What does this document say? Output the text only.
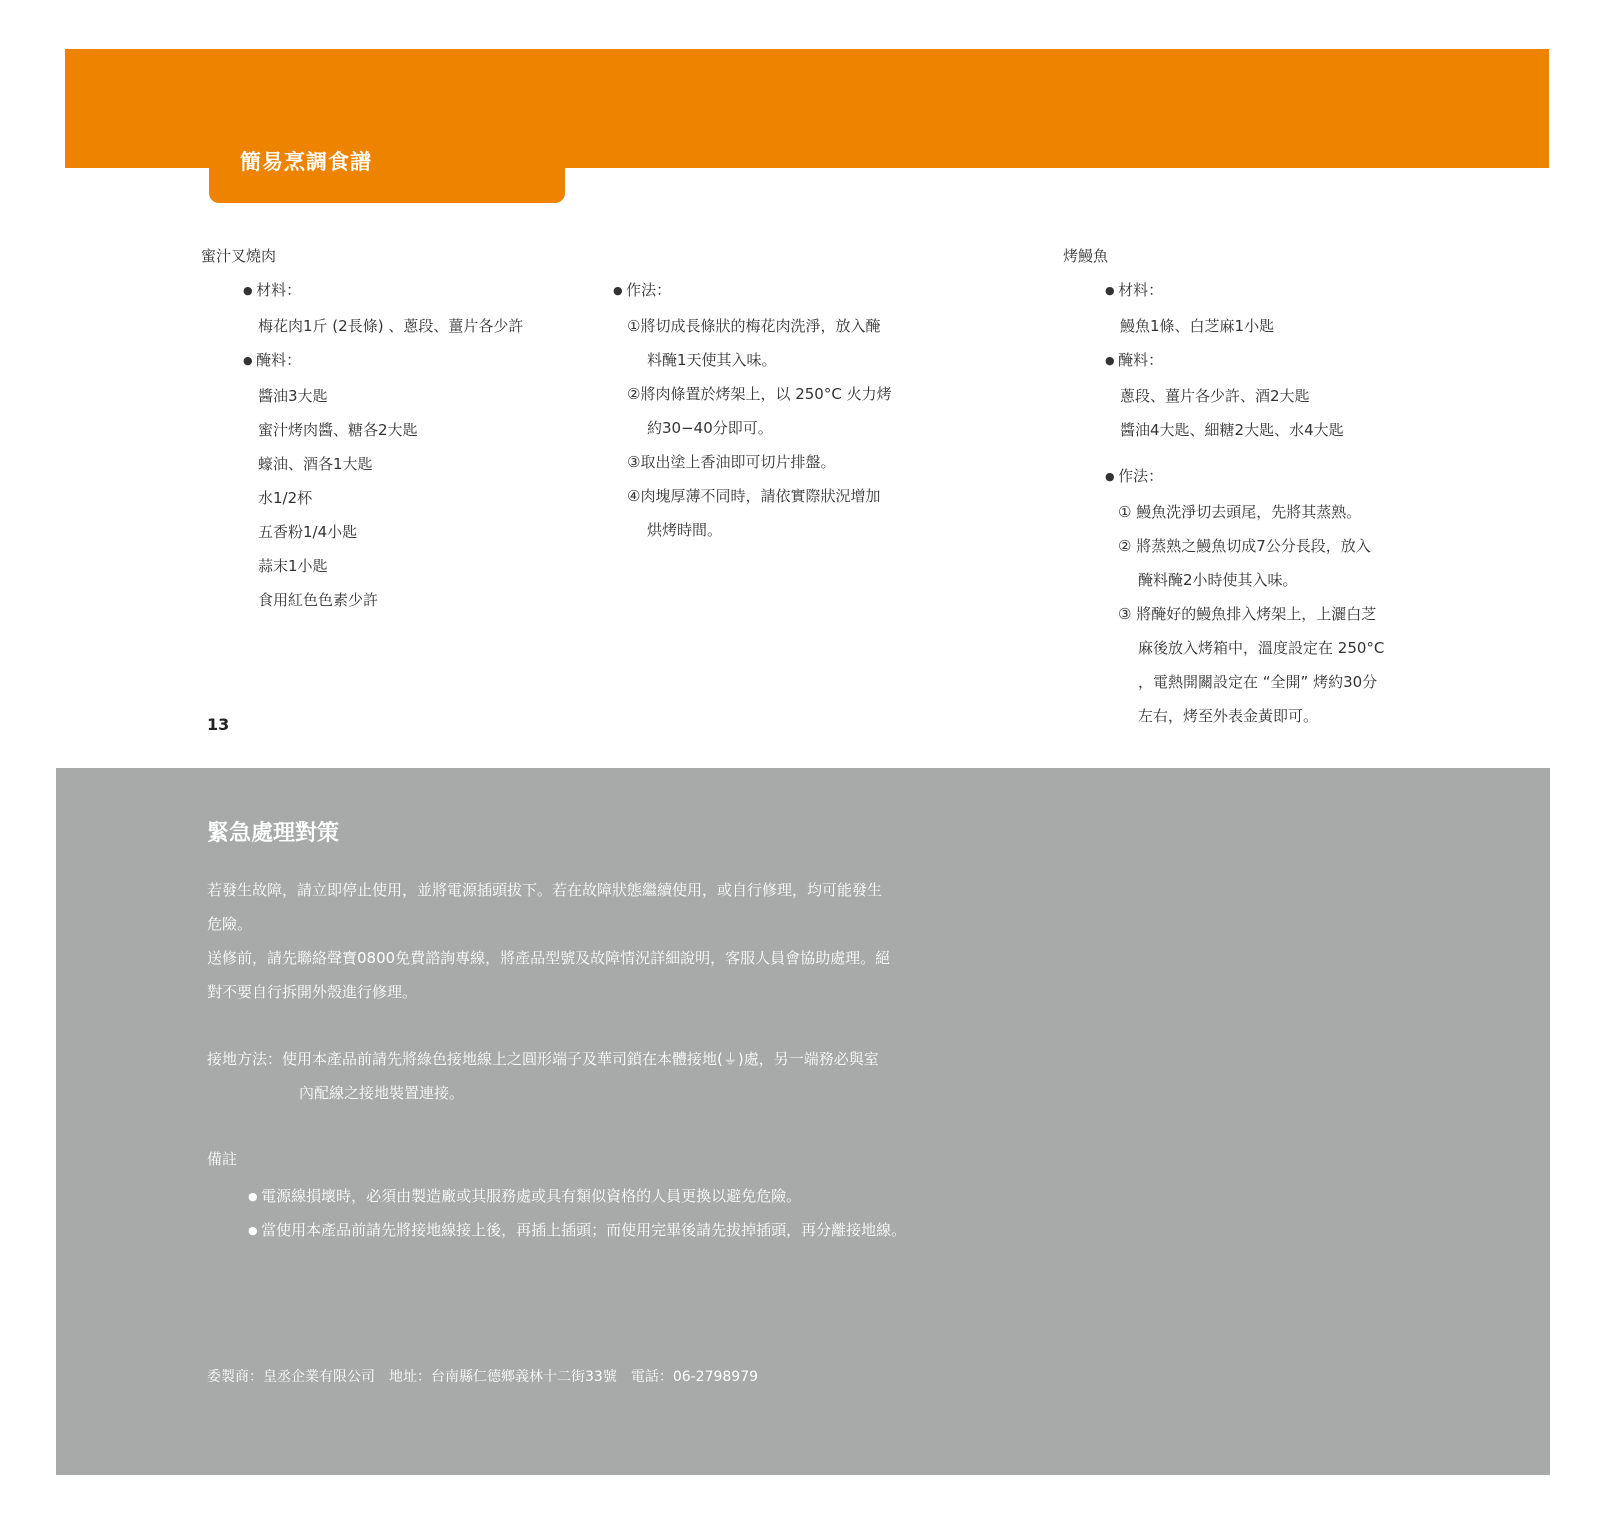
簡易烹調食譜
蜜汁叉燒肉
● 材料：
梅花肉1斤 (2長條) 、蔥段、薑片各少許
● 醃料：
醬油3大匙
蜜汁烤肉醬、糖各2大匙
蠔油、酒各1大匙
水1/2杯
五香粉1/4小匙
蒜末1小匙
食用紅色色素少許
● 作法：
①將切成長條狀的梅花肉洗淨，放入醃
料醃1天使其入味。
②將肉條置於烤架上，以 250°C 火力烤
約30−40分即可。
③取出塗上香油即可切片排盤。
④肉塊厚薄不同時，請依實際狀況增加
烘烤時間。
烤鰻魚
● 材料：
鰻魚1條、白芝麻1小匙
● 醃料：
蔥段、薑片各少許、酒2大匙
醬油4大匙、細糖2大匙、水4大匙
● 作法：
① 鰻魚洗淨切去頭尾，先將其蒸熟。
② 將蒸熟之鰻魚切成7公分長段，放入
醃料醃2小時使其入味。
③ 將醃好的鰻魚排入烤架上，上灑白芝
麻後放入烤箱中，溫度設定在 250°C
，電熱開關設定在 “全開” 烤約30分
左右，烤至外表金黃即可。
13
緊急處理對策
若發生故障，請立即停止使用，並將電源插頭拔下。若在故障狀態繼續使用，或自行修理，均可能發生
危險。
送修前，請先聯絡聲寶0800免費諮詢專線，將產品型號及故障情況詳細說明，客服人員會協助處理。絕
對不要自行拆開外殼進行修理。
接地方法：使用本產品前請先將綠色接地線上之圓形端子及華司鎖在本體接地(⏚)處，另一端務必與室
內配線之接地裝置連接。
備註
● 電源線損壞時，必須由製造廠或其服務處或具有類似資格的人員更換以避免危險。
● 當使用本產品前請先將接地線接上後，再插上插頭；而使用完畢後請先拔掉插頭，再分離接地線。
委製商：皇丞企業有限公司　地址：台南縣仁德鄉義林十二街33號　電話：06-2798979
